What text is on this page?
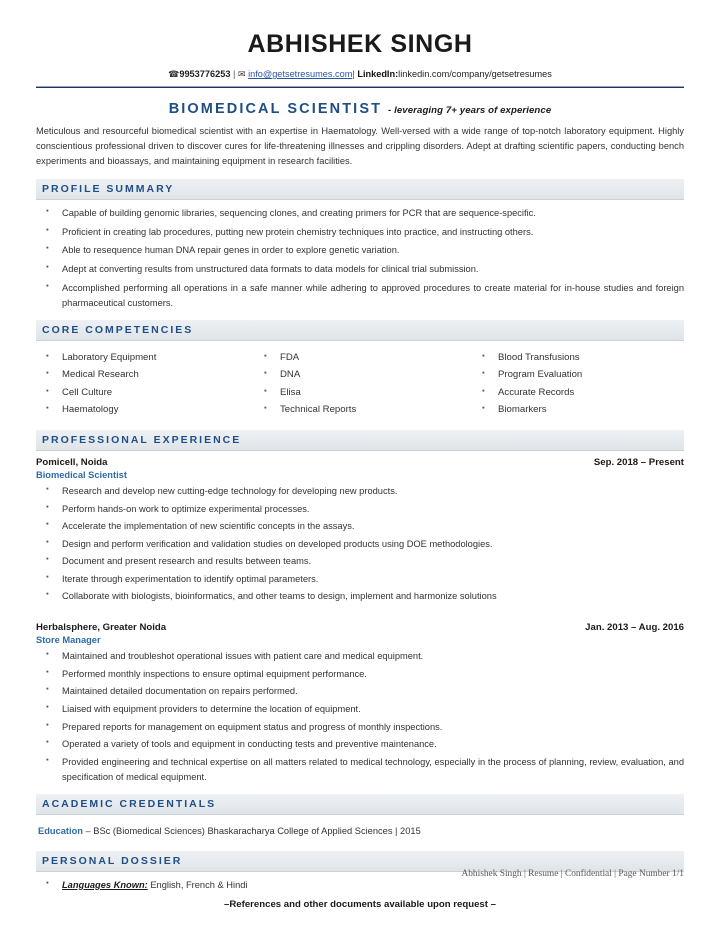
ABHISHEK SINGH
☎9953776253 | ✉ info@getsetresumes.com| LinkedIn:linkedin.com/company/getsetresumes
BIOMEDICAL SCIENTIST - leveraging 7+ years of experience
Meticulous and resourceful biomedical scientist with an expertise in Haematology. Well-versed with a wide range of top-notch laboratory equipment. Highly conscientious professional driven to discover cures for life-threatening illnesses and crippling disorders. Adept at drafting scientific papers, conducting bench experiments and bioassays, and maintaining equipment in research facilities.
PROFILE SUMMARY
▪ Capable of building genomic libraries, sequencing clones, and creating primers for PCR that are sequence-specific.
▪ Proficient in creating lab procedures, putting new protein chemistry techniques into practice, and instructing others.
▪ Able to resequence human DNA repair genes in order to explore genetic variation.
▪ Adept at converting results from unstructured data formats to data models for clinical trial submission.
▪ Accomplished performing all operations in a safe manner while adhering to approved procedures to create material for in-house studies and foreign pharmaceutical customers.
CORE COMPETENCIES
▪ Laboratory Equipment
▪ Medical Research
▪ Cell Culture
▪ Haematology
▪ FDA
▪ DNA
▪ Elisa
▪ Technical Reports
▪ Blood Transfusions
▪ Program Evaluation
▪ Accurate Records
▪ Biomarkers
PROFESSIONAL EXPERIENCE
Pomicell, Noida	Sep. 2018 – Present
Biomedical Scientist
▪ Research and develop new cutting-edge technology for developing new products.
▪ Perform hands-on work to optimize experimental processes.
▪ Accelerate the implementation of new scientific concepts in the assays.
▪ Design and perform verification and validation studies on developed products using DOE methodologies.
▪ Document and present research and results between teams.
▪ Iterate through experimentation to identify optimal parameters.
▪ Collaborate with biologists, bioinformatics, and other teams to design, implement and harmonize solutions
Herbalsphere, Greater Noida	Jan. 2013 – Aug. 2016
Store Manager
▪ Maintained and troubleshot operational issues with patient care and medical equipment.
▪ Performed monthly inspections to ensure optimal equipment performance.
▪ Maintained detailed documentation on repairs performed.
▪ Liaised with equipment providers to determine the location of equipment.
▪ Prepared reports for management on equipment status and progress of monthly inspections.
▪ Operated a variety of tools and equipment in conducting tests and preventive maintenance.
▪ Provided engineering and technical expertise on all matters related to medical technology, especially in the process of planning, review, evaluation, and specification of medical equipment.
ACADEMIC CREDENTIALS
Education – BSc (Biomedical Sciences) Bhaskaracharya College of Applied Sciences | 2015
PERSONAL DOSSIER
▪ Languages Known: English, French & Hindi
–References and other documents available upon request –
Abhishek Singh | Resume | Confidential | Page Number 1/1
